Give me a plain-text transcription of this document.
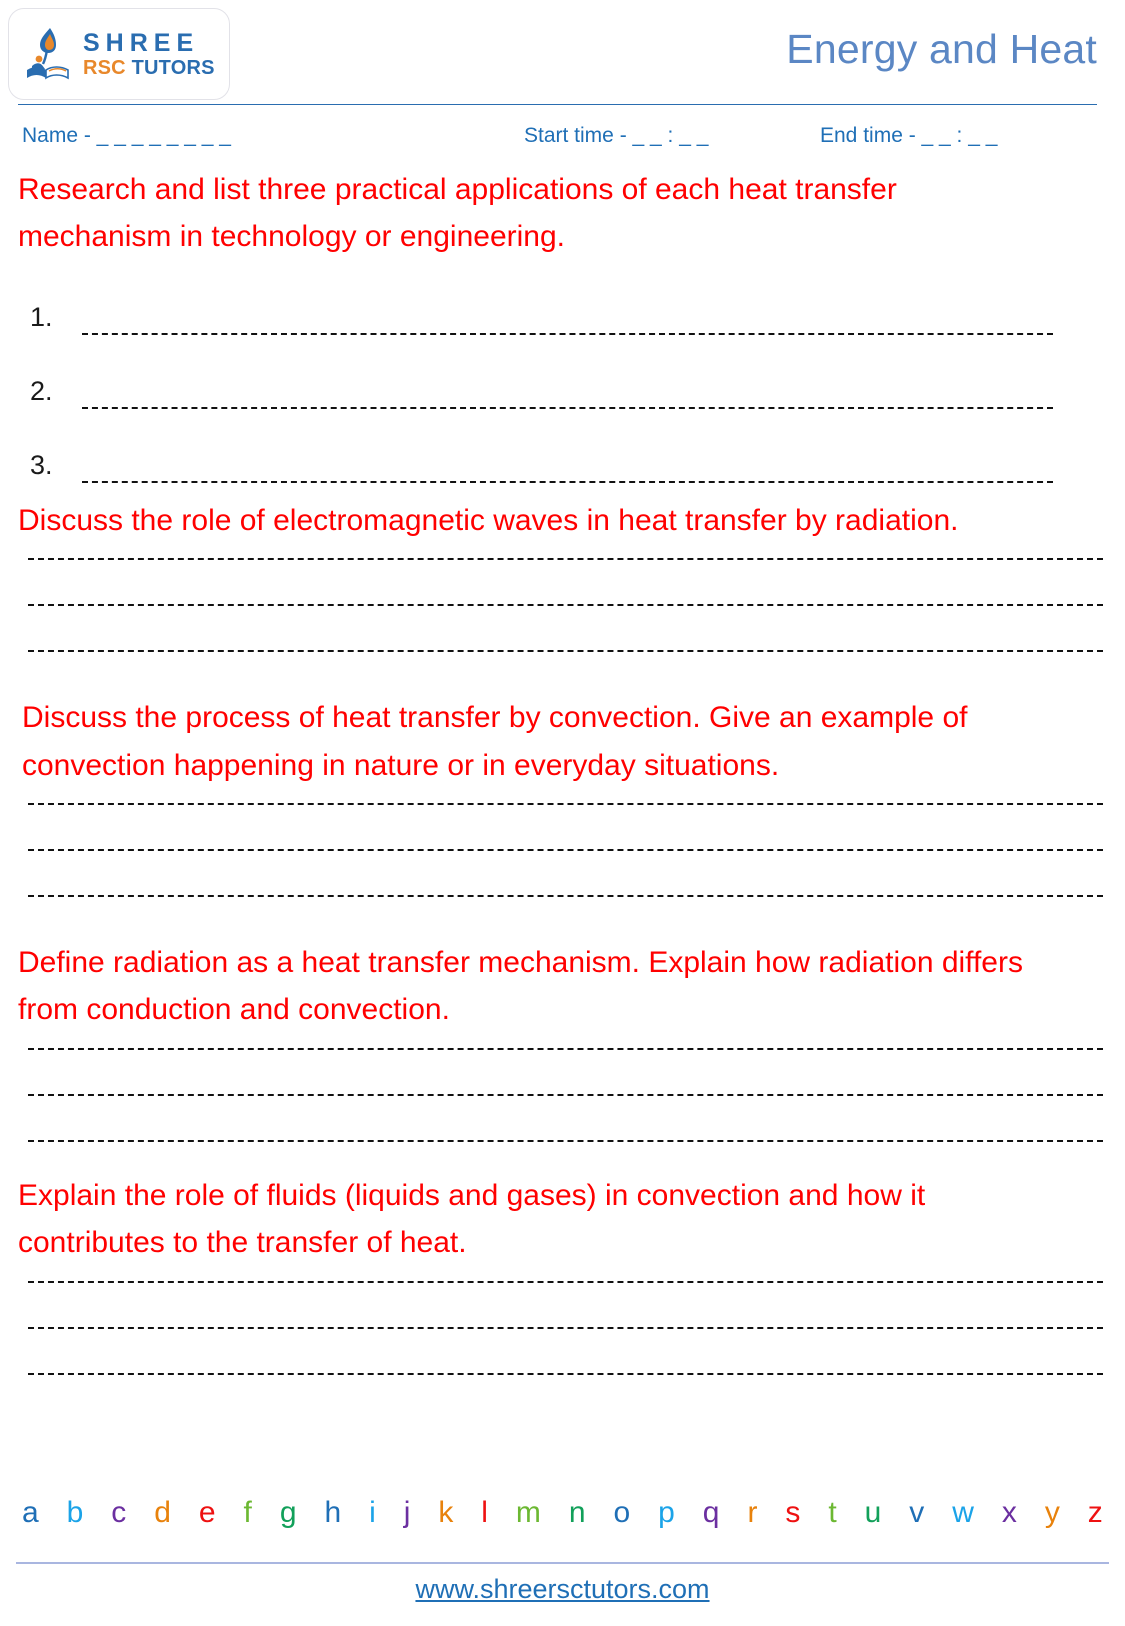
SHREE
RSC TUTORS	Energy and Heat
Name - _ _ _ _ _ _ _ _	Start time - _ _ : _ _	End time - _ _ : _ _

Research and list three practical applications of each heat transfer mechanism in technology or engineering.

1.
2.
3.

Discuss the role of electromagnetic waves in heat transfer by radiation.

Discuss the process of heat transfer by convection. Give an example of convection happening in nature or in everyday situations.

Define radiation as a heat transfer mechanism. Explain how radiation differs from conduction and convection.

Explain the role of fluids (liquids and gases) in convection and how it contributes to the transfer of heat.

a b c d e f g h i j k l m n o p q r s t u v w x y z
www.shreersctutors.com
